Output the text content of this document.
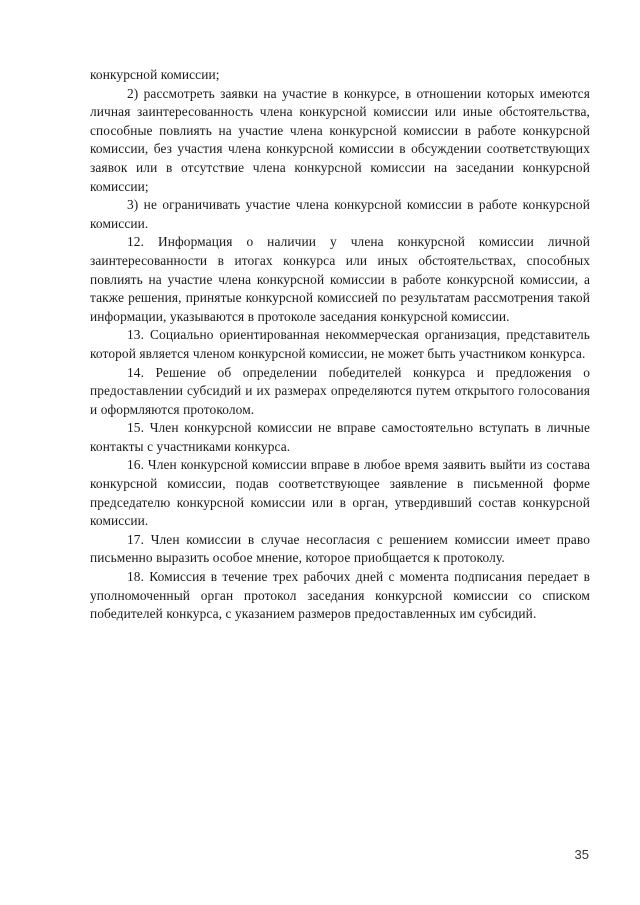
конкурсной комиссии;

2) рассмотреть заявки на участие в конкурсе, в отношении которых имеются личная заинтересованность члена конкурсной комиссии или иные обстоятельства, способные повлиять на участие члена конкурсной комиссии в работе конкурсной комиссии, без участия члена конкурсной комиссии в обсуждении соответствующих заявок или в отсутствие члена конкурсной комиссии на заседании конкурсной комиссии;

3) не ограничивать участие члена конкурсной комиссии в работе конкурсной комиссии.

12. Информация о наличии у члена конкурсной комиссии личной заинтересованности в итогах конкурса или иных обстоятельствах, способных повлиять на участие члена конкурсной комиссии в работе конкурсной комиссии, а также решения, принятые конкурсной комиссией по результатам рассмотрения такой информации, указываются в протоколе заседания конкурсной комиссии.

13. Социально ориентированная некоммерческая организация, представитель которой является членом конкурсной комиссии, не может быть участником конкурса.

14. Решение об определении победителей конкурса и предложения о предоставлении субсидий и их размерах определяются путем открытого голосования и оформляются протоколом.

15. Член конкурсной комиссии не вправе самостоятельно вступать в личные контакты с участниками конкурса.

16. Член конкурсной комиссии вправе в любое время заявить выйти из состава конкурсной комиссии, подав соответствующее заявление в письменной форме председателю конкурсной комиссии или в орган, утвердивший состав конкурсной комиссии.

17. Член комиссии в случае несогласия с решением комиссии имеет право письменно выразить особое мнение, которое приобщается к протоколу.

18. Комиссия в течение трех рабочих дней с момента подписания передает в уполномоченный орган протокол заседания конкурсной комиссии со списком победителей конкурса, с указанием размеров предоставленных им субсидий.

35
